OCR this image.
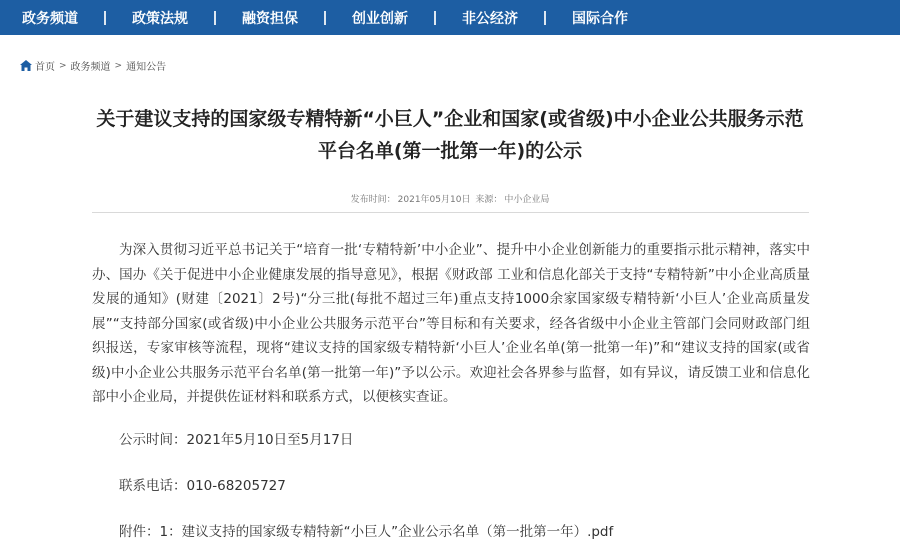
政务频道	政策法规	融资担保	创业创新	非公经济	国际合作
首页 > 政务频道 > 通知公告
关于建议支持的国家级专精特新“小巨人”企业和国家(或省级)中小企业公共服务示范
平台名单(第一批第一年)的公示
发布时间： 2021年05月10日 来源： 中小企业局

为深入贯彻习近平总书记关于“培育一批‘专精特新’中小企业”、提升中小企业创新能力的重要指示批示精神，落实中办、国办《关于促进中小企业健康发展的指导意见》，根据《财政部 工业和信息化部关于支持“专精特新”中小企业高质量发展的通知》(财建〔2021〕2号)“分三批(每批不超过三年)重点支持1000余家国家级专精特新‘小巨人’企业高质量发展”“支持部分国家(或省级)中小企业公共服务示范平台”等目标和有关要求，经各省级中小企业主管部门会同财政部门组织报送，专家审核等流程，现将“建议支持的国家级专精特新‘小巨人’企业名单(第一批第一年)”和“建议支持的国家(或省级)中小企业公共服务示范平台名单(第一批第一年)”予以公示。欢迎社会各界参与监督，如有异议，请反馈工业和信息化部中小企业局，并提供佐证材料和联系方式，以便核实查证。

公示时间：2021年5月10日至5月17日
联系电话：010-68205727
附件：1：建议支持的国家级专精特新“小巨人”企业公示名单（第一批第一年）.pdf
